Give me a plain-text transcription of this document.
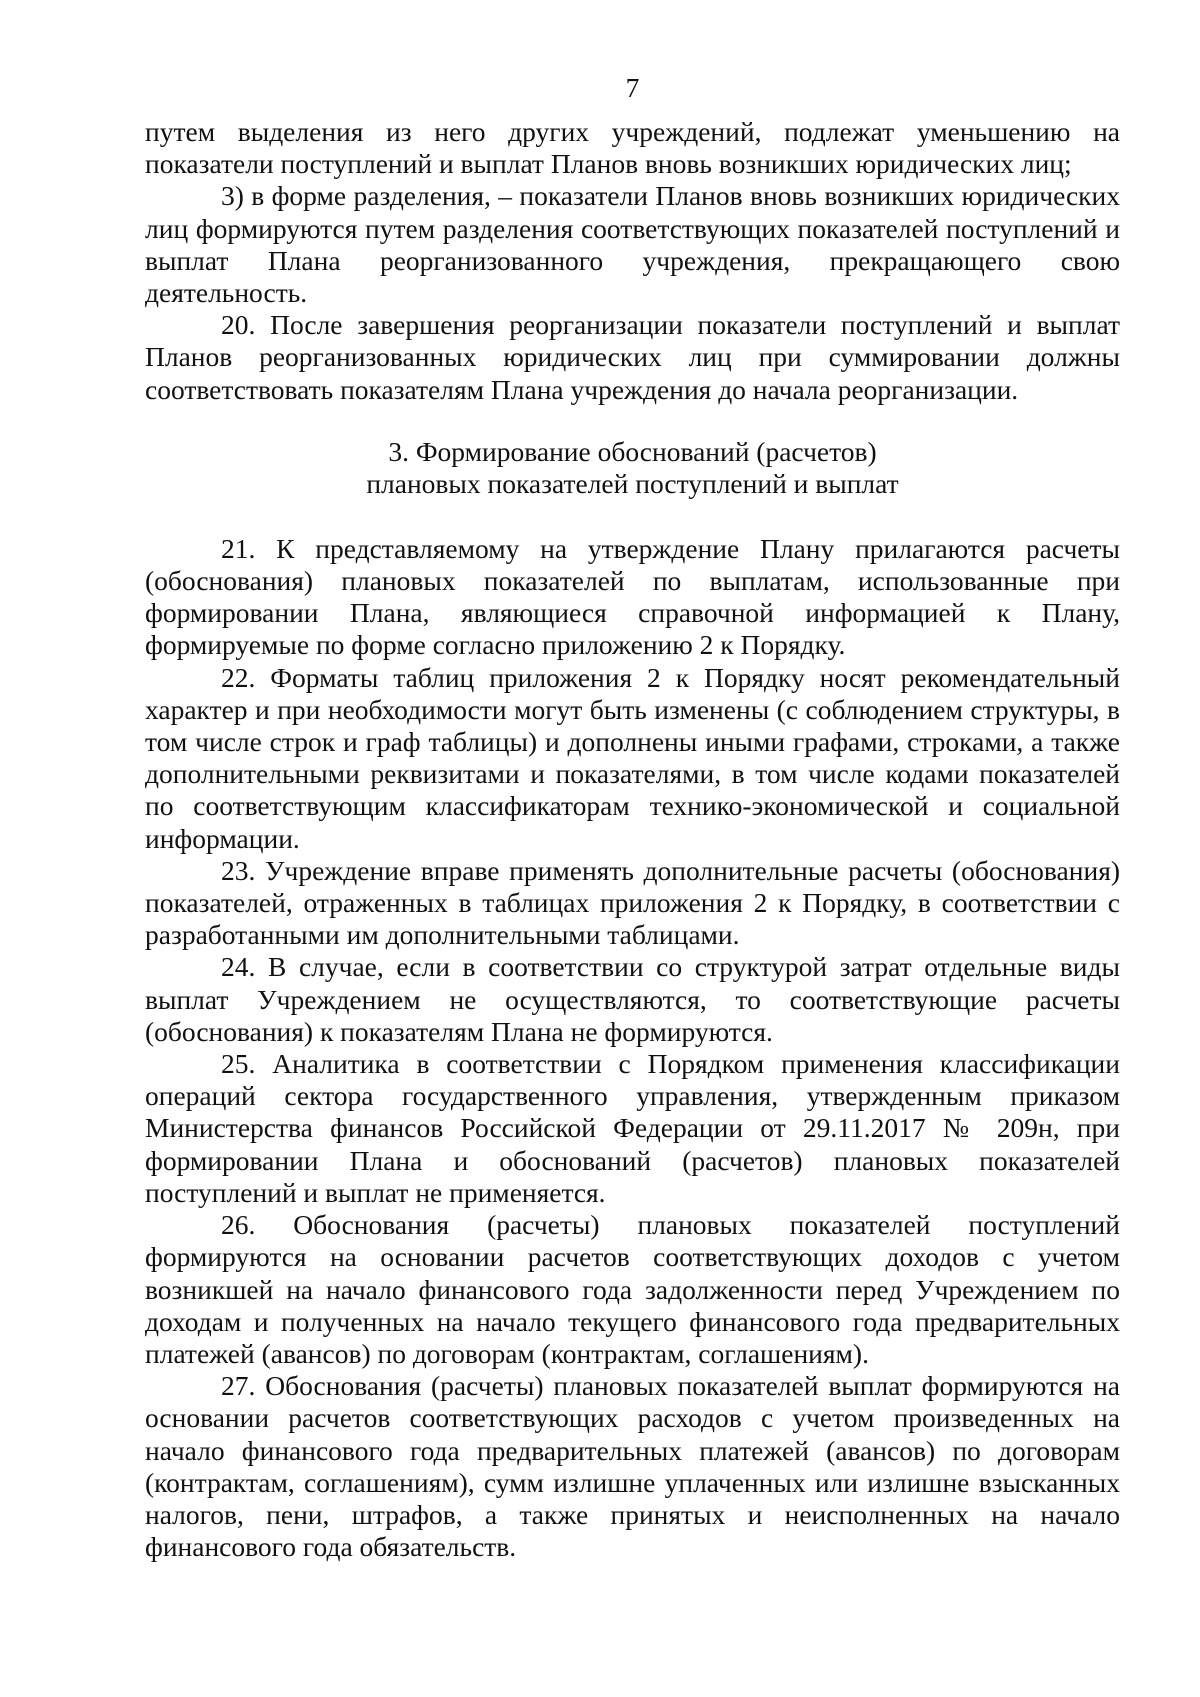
7

путем выделения из него других учреждений, подлежат уменьшению на показатели поступлений и выплат Планов вновь возникших юридических лиц;

3) в форме разделения, – показатели Планов вновь возникших юридических лиц формируются путем разделения соответствующих показателей поступлений и выплат Плана реорганизованного учреждения, прекращающего свою деятельность.

20. После завершения реорганизации показатели поступлений и выплат Планов реорганизованных юридических лиц при суммировании должны соответствовать показателям Плана учреждения до начала реорганизации.

3. Формирование обоснований (расчетов)
плановых показателей поступлений и выплат

21. К представляемому на утверждение Плану прилагаются расчеты (обоснования) плановых показателей по выплатам, использованные при формировании Плана, являющиеся справочной информацией к Плану, формируемые по форме согласно приложению 2 к Порядку.

22. Форматы таблиц приложения 2 к Порядку носят рекомендательный характер и при необходимости могут быть изменены (с соблюдением структуры, в том числе строк и граф таблицы) и дополнены иными графами, строками, а также дополнительными реквизитами и показателями, в том числе кодами показателей по соответствующим классификаторам технико-экономической и социальной информации.

23. Учреждение вправе применять дополнительные расчеты (обоснования) показателей, отраженных в таблицах приложения 2 к Порядку, в соответствии с разработанными им дополнительными таблицами.

24. В случае, если в соответствии со структурой затрат отдельные виды выплат Учреждением не осуществляются, то соответствующие расчеты (обоснования) к показателям Плана не формируются.

25. Аналитика в соответствии с Порядком применения классификации операций сектора государственного управления, утвержденным приказом Министерства финансов Российской Федерации от 29.11.2017 № 209н, при формировании Плана и обоснований (расчетов) плановых показателей поступлений и выплат не применяется.

26. Обоснования (расчеты) плановых показателей поступлений формируются на основании расчетов соответствующих доходов с учетом возникшей на начало финансового года задолженности перед Учреждением по доходам и полученных на начало текущего финансового года предварительных платежей (авансов) по договорам (контрактам, соглашениям).

27. Обоснования (расчеты) плановых показателей выплат формируются на основании расчетов соответствующих расходов с учетом произведенных на начало финансового года предварительных платежей (авансов) по договорам (контрактам, соглашениям), сумм излишне уплаченных или излишне взысканных налогов, пени, штрафов, а также принятых и неисполненных на начало финансового года обязательств.
